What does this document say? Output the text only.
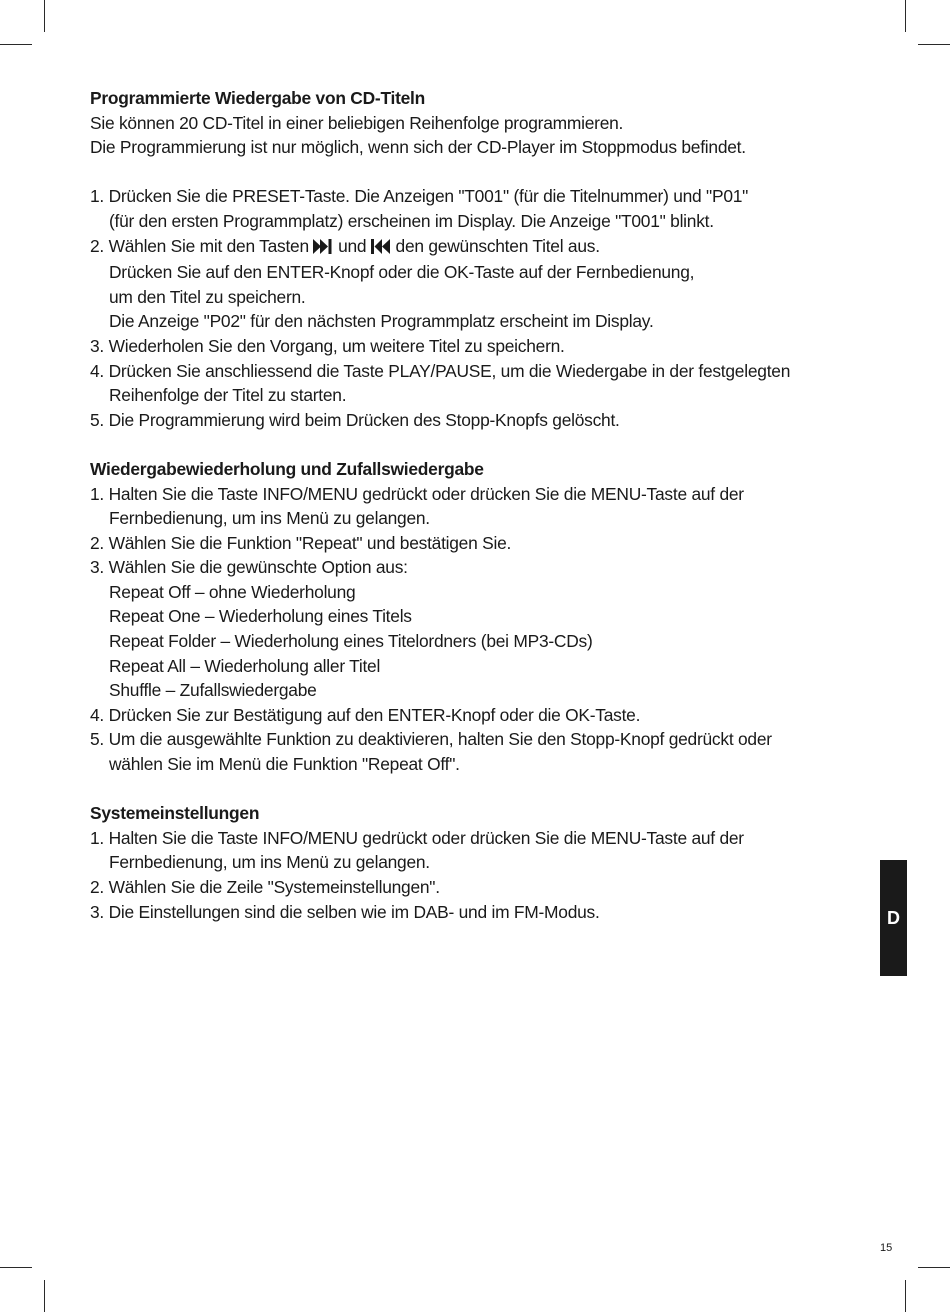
Programmierte Wiedergabe von CD-Titeln
Sie können 20 CD-Titel in einer beliebigen Reihenfolge programmieren.
Die Programmierung ist nur möglich, wenn sich der CD-Player im Stoppmodus befindet.
1. Drücken Sie die PRESET-Taste. Die Anzeigen "T001" (für die Titelnummer) und "P01"
(für den ersten Programmplatz) erscheinen im Display. Die Anzeige "T001" blinkt.
2. Wählen Sie mit den Tasten und den gewünschten Titel aus.
Drücken Sie auf den ENTER-Knopf oder die OK-Taste auf der Fernbedienung,
um den Titel zu speichern.
Die Anzeige "P02" für den nächsten Programmplatz erscheint im Display.
3. Wiederholen Sie den Vorgang, um weitere Titel zu speichern.
4. Drücken Sie anschliessend die Taste PLAY/PAUSE, um die Wiedergabe in der festgelegten
Reihenfolge der Titel zu starten.
5. Die Programmierung wird beim Drücken des Stopp-Knopfs gelöscht.
Wiedergabewiederholung und Zufallswiedergabe
1. Halten Sie die Taste INFO/MENU gedrückt oder drücken Sie die MENU-Taste auf der
Fernbedienung, um ins Menü zu gelangen.
2. Wählen Sie die Funktion "Repeat" und bestätigen Sie.
3. Wählen Sie die gewünschte Option aus:
Repeat Off – ohne Wiederholung
Repeat One – Wiederholung eines Titels
Repeat Folder – Wiederholung eines Titelordners (bei MP3-CDs)
Repeat All – Wiederholung aller Titel
Shuffle – Zufallswiedergabe
4. Drücken Sie zur Bestätigung auf den ENTER-Knopf oder die OK-Taste.
5. Um die ausgewählte Funktion zu deaktivieren, halten Sie den Stopp-Knopf gedrückt oder
wählen Sie im Menü die Funktion "Repeat Off".
Systemeinstellungen
1. Halten Sie die Taste INFO/MENU gedrückt oder drücken Sie die MENU-Taste auf der
Fernbedienung, um ins Menü zu gelangen.
2. Wählen Sie die Zeile "Systemeinstellungen".
3. Die Einstellungen sind die selben wie im DAB- und im FM-Modus.	D
15
